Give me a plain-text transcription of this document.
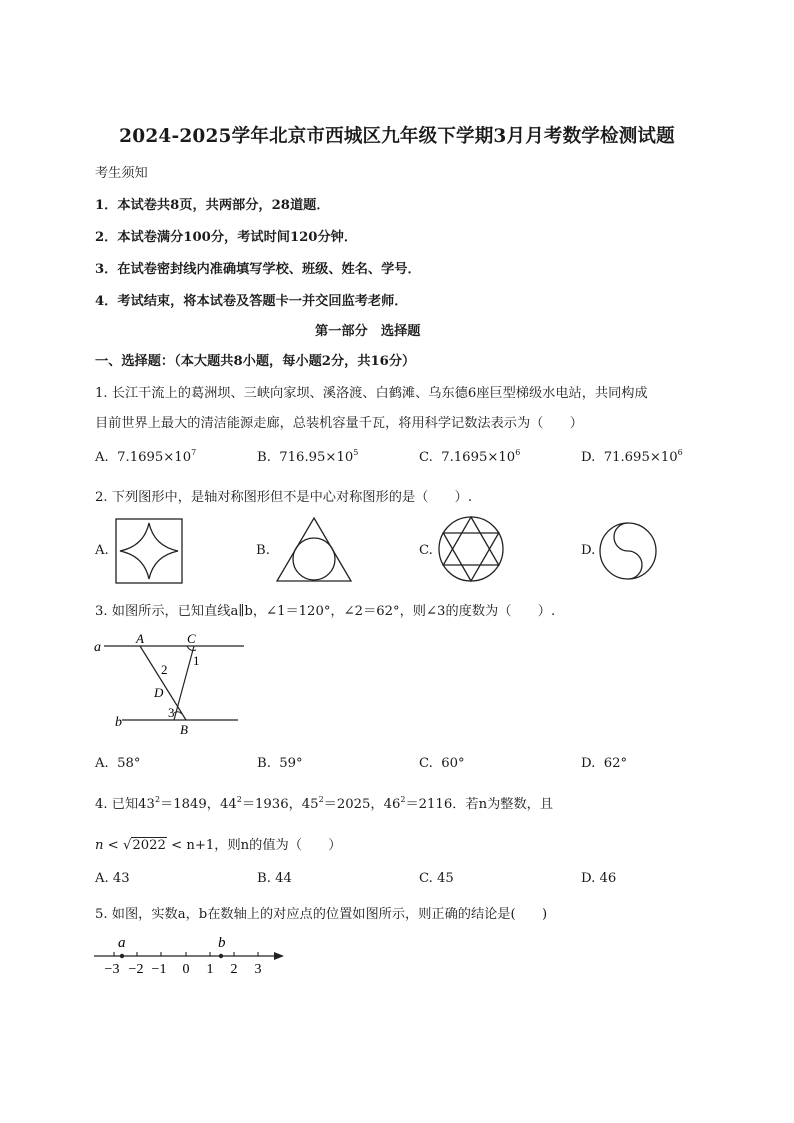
2024-2025学年北京市西城区九年级下学期3月月考数学检测试题
考生须知
1．本试卷共8页，共两部分，28道题．
2．本试卷满分100分，考试时间120分钟．
3．在试卷密封线内准确填写学校、班级、姓名、学号．
4．考试结束，将本试卷及答题卡一并交回监考老师．
第一部分　选择题
一、选择题：（本大题共8小题，每小题2分，共16分）
1. 长江干流上的葛洲坝、三峡向家坝、溪洛渡、白鹤滩、乌东德6座巨型梯级水电站，共同构成
目前世界上最大的清洁能源走廊，总装机容量千瓦，将用科学记数法表示为（　　）
A. $7.1695\times 10^7$	B. $716.95\times 10^5$	C. $7.1695\times 10^6$	D. $71.695\times 10^6$
2. 下列图形中，是轴对称图形但不是中心对称图形的是（　　）.
A.	B.	C.	D.
3. 如图所示，已知直线a∥b，∠1＝120°，∠2＝62°，则∠3的度数为（　　）.
a
b
A	C
D
B
1
2
3
A. 58°	B. 59°	C. 60°	D. 62°
4. 已知$43^2=1849$，$44^2=1936$，$45^2=2025$，$46^2=2116$．若n为整数，且
n < √2022 < n+1，则n的值为（　　）
A. 43	B. 44	C. 45	D. 46
5. 如图，实数a，b在数轴上的对应点的位置如图所示，则正确的结论是(　　)
a	b
−3 −2 −1 0 1 2 3
